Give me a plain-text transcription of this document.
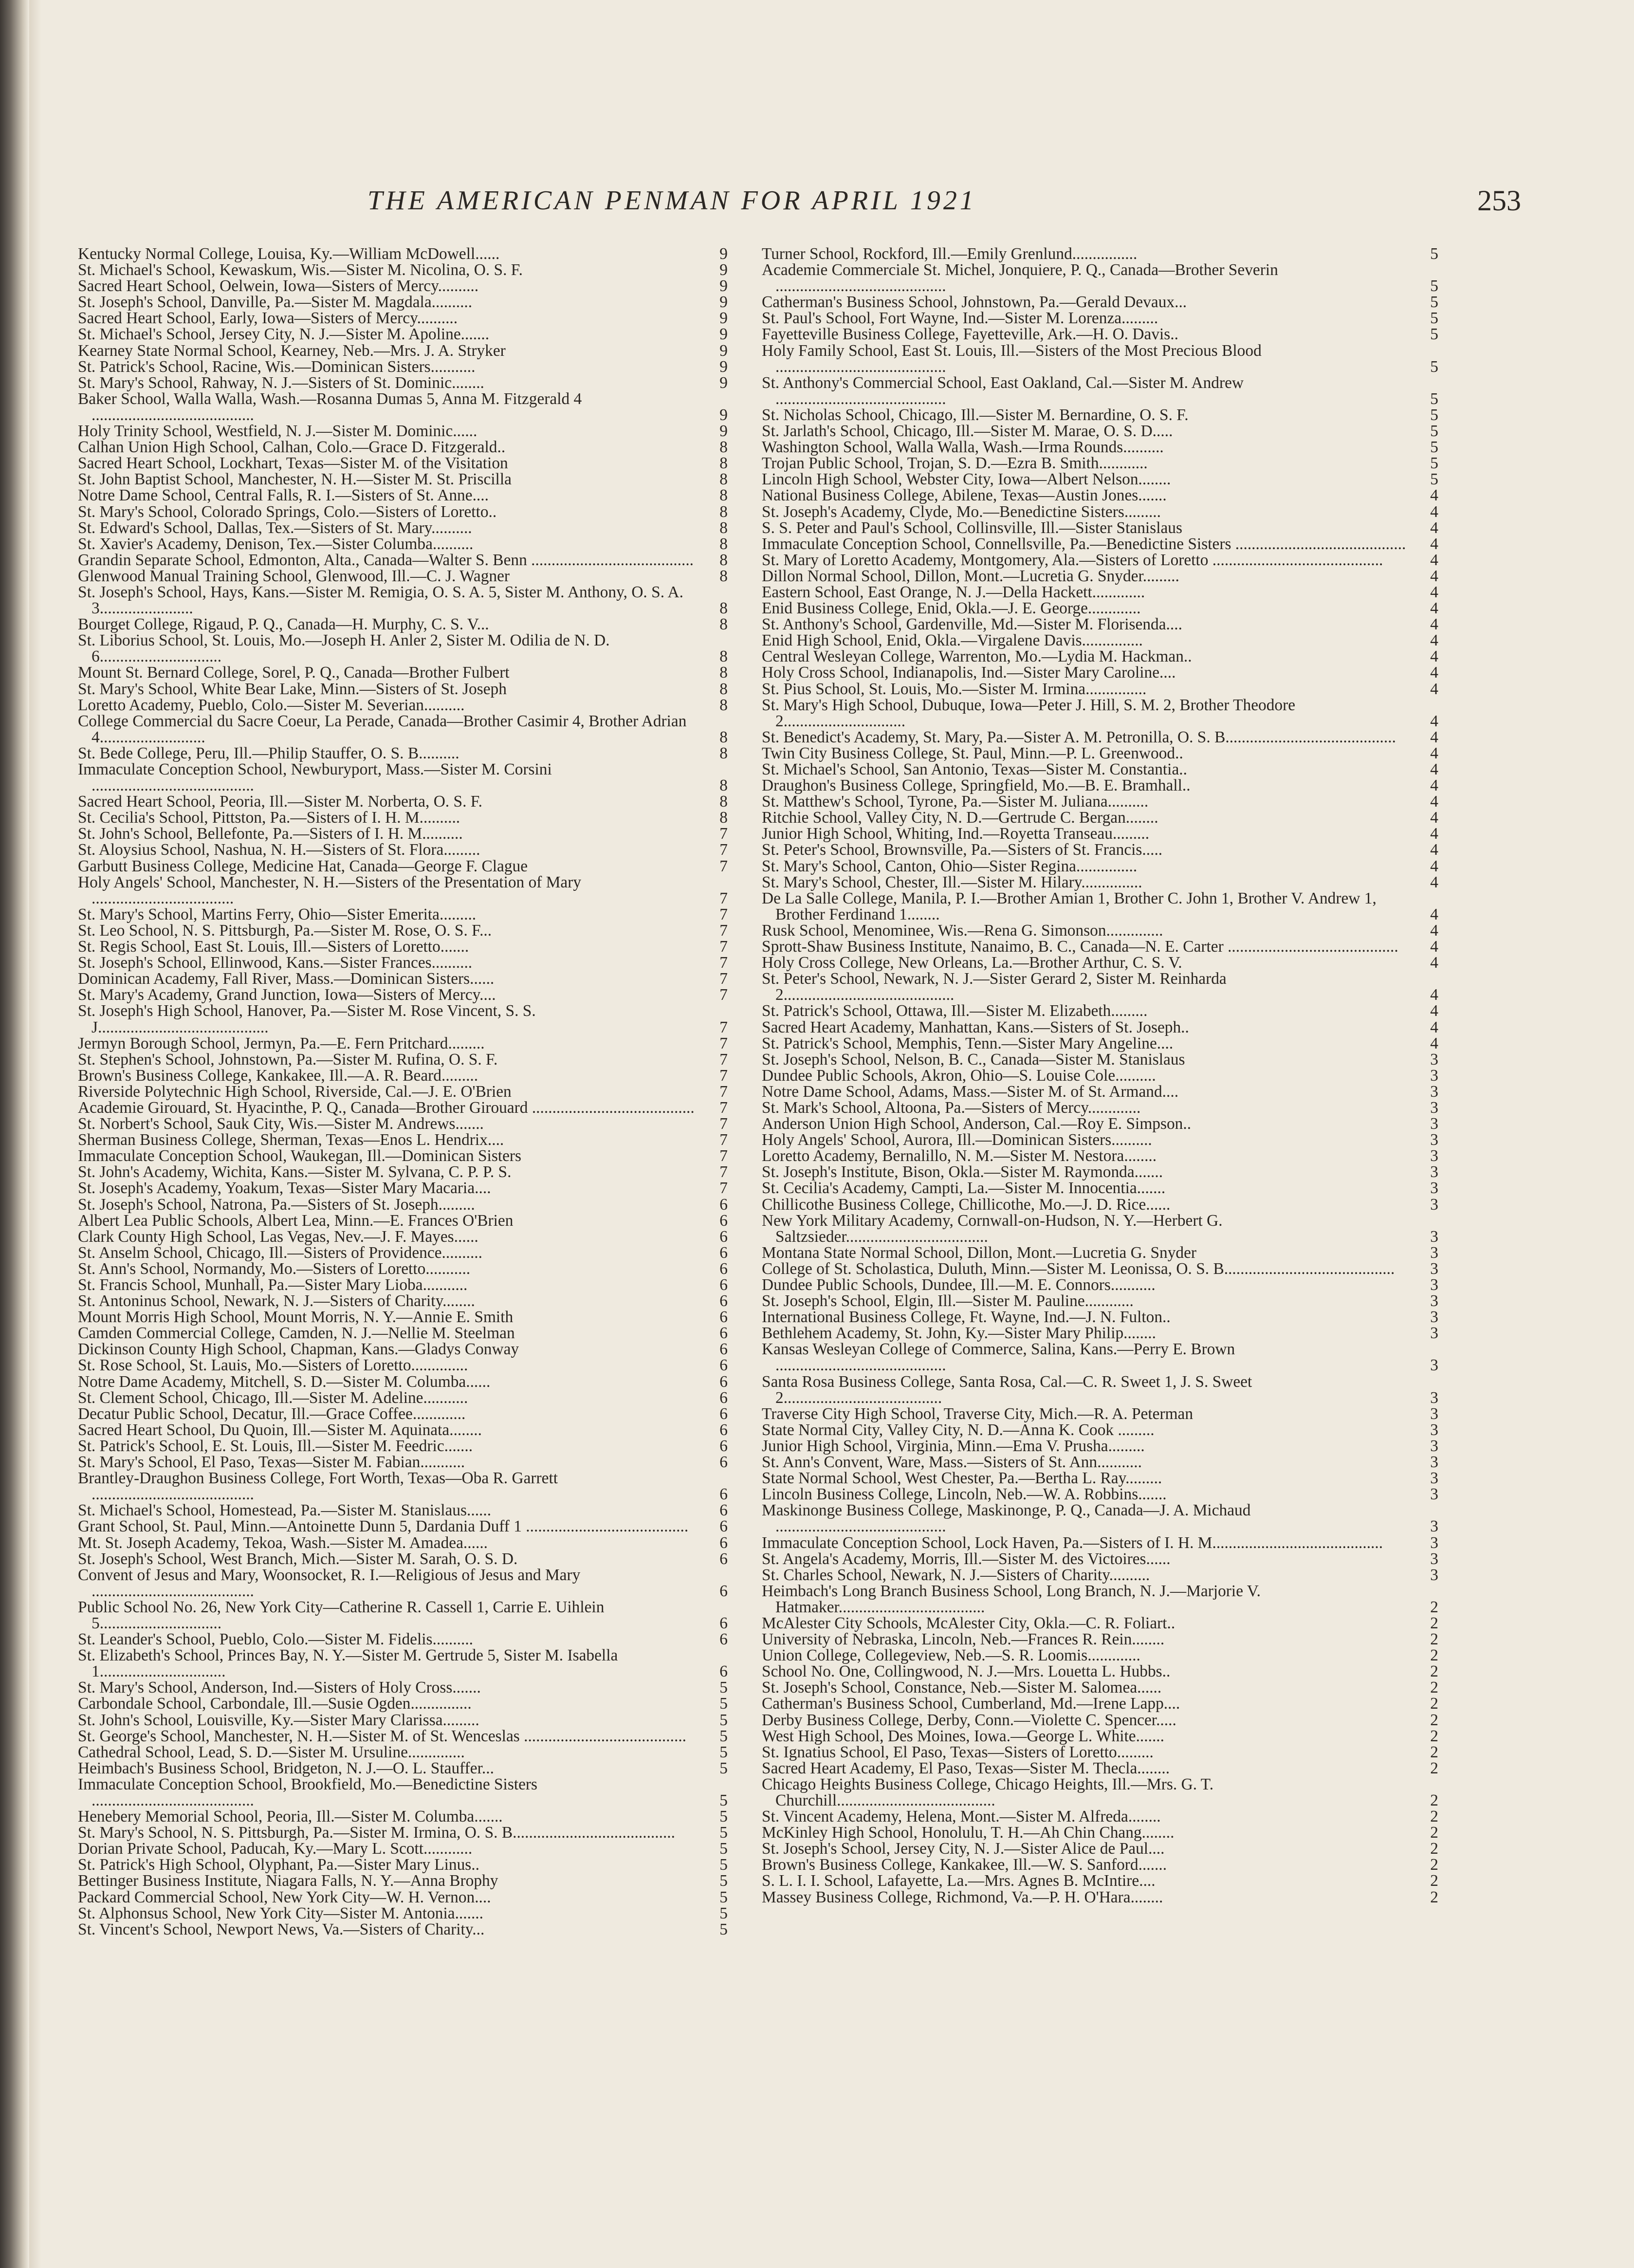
THE AMERICAN PENMAN FOR APRIL 1921	253
Kentucky Normal College, Louisa, Ky.—William McDowell......	9
St. Michael's School, Kewaskum, Wis.—Sister M. Nicolina, O. S. F.	9
Sacred Heart School, Oelwein, Iowa—Sisters of Mercy..........	9
St. Joseph's School, Danville, Pa.—Sister M. Magdala..........	9
Sacred Heart School, Early, Iowa—Sisters of Mercy..........	9
St. Michael's School, Jersey City, N. J.—Sister M. Apoline.......	9
Kearney State Normal School, Kearney, Neb.—Mrs. J. A. Stryker	9
St. Patrick's School, Racine, Wis.—Dominican Sisters...........	9
St. Mary's School, Rahway, N. J.—Sisters of St. Dominic........	9
Baker School, Walla Walla, Wash.—Rosanna Dumas 5, Anna M. Fitzgerald 4 ........................................	9
Holy Trinity School, Westfield, N. J.—Sister M. Dominic......	9
Calhan Union High School, Calhan, Colo.—Grace D. Fitzgerald..	8
Sacred Heart School, Lockhart, Texas—Sister M. of the Visitation	8
St. John Baptist School, Manchester, N. H.—Sister M. St. Priscilla	8
Notre Dame School, Central Falls, R. I.—Sisters of St. Anne....	8
St. Mary's School, Colorado Springs, Colo.—Sisters of Loretto..	8
St. Edward's School, Dallas, Tex.—Sisters of St. Mary..........	8
St. Xavier's Academy, Denison, Tex.—Sister Columba..........	8
Grandin Separate School, Edmonton, Alta., Canada—Walter S. Benn ........................................	8
Glenwood Manual Training School, Glenwood, Ill.—C. J. Wagner	8
St. Joseph's School, Hays, Kans.—Sister M. Remigia, O. S. A. 5, Sister M. Anthony, O. S. A. 3.......................	8
Bourget College, Rigaud, P. Q., Canada—H. Murphy, C. S. V...	8
St. Liborius School, St. Louis, Mo.—Joseph H. Anler 2, Sister M. Odilia de N. D. 6..............................	8
Mount St. Bernard College, Sorel, P. Q., Canada—Brother Fulbert	8
St. Mary's School, White Bear Lake, Minn.—Sisters of St. Joseph	8
Loretto Academy, Pueblo, Colo.—Sister M. Severian..........	8
College Commercial du Sacre Coeur, La Perade, Canada—Brother Casimir 4, Brother Adrian 4..........................	8
St. Bede College, Peru, Ill.—Philip Stauffer, O. S. B..........	8
Immaculate Conception School, Newburyport, Mass.—Sister M. Corsini ........................................	8
Sacred Heart School, Peoria, Ill.—Sister M. Norberta, O. S. F.	8
St. Cecilia's School, Pittston, Pa.—Sisters of I. H. M..........	8
St. John's School, Bellefonte, Pa.—Sisters of I. H. M..........	7
St. Aloysius School, Nashua, N. H.—Sisters of St. Flora.........	7
Garbutt Business College, Medicine Hat, Canada—George F. Clague	7
Holy Angels' School, Manchester, N. H.—Sisters of the Presentation of Mary ...................................	7
St. Mary's School, Martins Ferry, Ohio—Sister Emerita.........	7
St. Leo School, N. S. Pittsburgh, Pa.—Sister M. Rose, O. S. F...	7
St. Regis School, East St. Louis, Ill.—Sisters of Loretto.......	7
St. Joseph's School, Ellinwood, Kans.—Sister Frances..........	7
Dominican Academy, Fall River, Mass.—Dominican Sisters......	7
St. Mary's Academy, Grand Junction, Iowa—Sisters of Mercy....	7
St. Joseph's High School, Hanover, Pa.—Sister M. Rose Vincent, S. S. J..........................................	7
Jermyn Borough School, Jermyn, Pa.—E. Fern Pritchard.........	7
St. Stephen's School, Johnstown, Pa.—Sister M. Rufina, O. S. F.	7
Brown's Business College, Kankakee, Ill.—A. R. Beard.........	7
Riverside Polytechnic High School, Riverside, Cal.—J. E. O'Brien	7
Academie Girouard, St. Hyacinthe, P. Q., Canada—Brother Girouard ........................................	7
St. Norbert's School, Sauk City, Wis.—Sister M. Andrews.......	7
Sherman Business College, Sherman, Texas—Enos L. Hendrix....	7
Immaculate Conception School, Waukegan, Ill.—Dominican Sisters	7
St. John's Academy, Wichita, Kans.—Sister M. Sylvana, C. P. P. S.	7
St. Joseph's Academy, Yoakum, Texas—Sister Mary Macaria....	7
St. Joseph's School, Natrona, Pa.—Sisters of St. Joseph.........	6
Albert Lea Public Schools, Albert Lea, Minn.—E. Frances O'Brien	6
Clark County High School, Las Vegas, Nev.—J. F. Mayes......	6
St. Anselm School, Chicago, Ill.—Sisters of Providence..........	6
St. Ann's School, Normandy, Mo.—Sisters of Loretto...........	6
St. Francis School, Munhall, Pa.—Sister Mary Lioba...........	6
St. Antoninus School, Newark, N. J.—Sisters of Charity........	6
Mount Morris High School, Mount Morris, N. Y.—Annie E. Smith	6
Camden Commercial College, Camden, N. J.—Nellie M. Steelman	6
Dickinson County High School, Chapman, Kans.—Gladys Conway	6
St. Rose School, St. Lauis, Mo.—Sisters of Loretto..............	6
Notre Dame Academy, Mitchell, S. D.—Sister M. Columba......	6
St. Clement School, Chicago, Ill.—Sister M. Adeline...........	6
Decatur Public School, Decatur, Ill.—Grace Coffee.............	6
Sacred Heart School, Du Quoin, Ill.—Sister M. Aquinata........	6
St. Patrick's School, E. St. Louis, Ill.—Sister M. Feedric.......	6
St. Mary's School, El Paso, Texas—Sister M. Fabian...........	6
Brantley-Draughon Business College, Fort Worth, Texas—Oba R. Garrett ........................................	6
St. Michael's School, Homestead, Pa.—Sister M. Stanislaus......	6
Grant School, St. Paul, Minn.—Antoinette Dunn 5, Dardania Duff 1 ........................................	6
Mt. St. Joseph Academy, Tekoa, Wash.—Sister M. Amadea......	6
St. Joseph's School, West Branch, Mich.—Sister M. Sarah, O. S. D.	6
Convent of Jesus and Mary, Woonsocket, R. I.—Religious of Jesus and Mary ........................................	6
Public School No. 26, New York City—Catherine R. Cassell 1, Carrie E. Uihlein 5..............................	6
St. Leander's School, Pueblo, Colo.—Sister M. Fidelis..........	6
St. Elizabeth's School, Princes Bay, N. Y.—Sister M. Gertrude 5, Sister M. Isabella 1...............................	6
St. Mary's School, Anderson, Ind.—Sisters of Holy Cross.......	5
Carbondale School, Carbondale, Ill.—Susie Ogden...............	5
St. John's School, Louisville, Ky.—Sister Mary Clarissa.........	5
St. George's School, Manchester, N. H.—Sister M. of St. Wenceslas ........................................	5
Cathedral School, Lead, S. D.—Sister M. Ursuline..............	5
Heimbach's Business School, Bridgeton, N. J.—O. L. Stauffer...	5
Immaculate Conception School, Brookfield, Mo.—Benedictine Sisters ........................................	5
Henebery Memorial School, Peoria, Ill.—Sister M. Columba.......	5
St. Mary's School, N. S. Pittsburgh, Pa.—Sister M. Irmina, O. S. B........................................	5
Dorian Private School, Paducah, Ky.—Mary L. Scott............	5
St. Patrick's High School, Olyphant, Pa.—Sister Mary Linus..	5
Bettinger Business Institute, Niagara Falls, N. Y.—Anna Brophy	5
Packard Commercial School, New York City—W. H. Vernon....	5
St. Alphonsus School, New York City—Sister M. Antonia.......	5
St. Vincent's School, Newport News, Va.—Sisters of Charity...	5
Turner School, Rockford, Ill.—Emily Grenlund................	5
Academie Commerciale St. Michel, Jonquiere, P. Q., Canada—Brother Severin ..........................................	5
Catherman's Business School, Johnstown, Pa.—Gerald Devaux...	5
St. Paul's School, Fort Wayne, Ind.—Sister M. Lorenza.........	5
Fayetteville Business College, Fayetteville, Ark.—H. O. Davis..	5
Holy Family School, East St. Louis, Ill.—Sisters of the Most Precious Blood ..........................................	5
St. Anthony's Commercial School, East Oakland, Cal.—Sister M. Andrew ..........................................	5
St. Nicholas School, Chicago, Ill.—Sister M. Bernardine, O. S. F.	5
St. Jarlath's School, Chicago, Ill.—Sister M. Marae, O. S. D.....	5
Washington School, Walla Walla, Wash.—Irma Rounds..........	5
Trojan Public School, Trojan, S. D.—Ezra B. Smith............	5
Lincoln High School, Webster City, Iowa—Albert Nelson........	5
National Business College, Abilene, Texas—Austin Jones.......	4
St. Joseph's Academy, Clyde, Mo.—Benedictine Sisters.........	4
S. S. Peter and Paul's School, Collinsville, Ill.—Sister Stanislaus	4
Immaculate Conception School, Connellsville, Pa.—Benedictine Sisters ..........................................	4
St. Mary of Loretto Academy, Montgomery, Ala.—Sisters of Loretto ..........................................	4
Dillon Normal School, Dillon, Mont.—Lucretia G. Snyder.........	4
Eastern School, East Orange, N. J.—Della Hackett.............	4
Enid Business College, Enid, Okla.—J. E. George.............	4
St. Anthony's School, Gardenville, Md.—Sister M. Florisenda....	4
Enid High School, Enid, Okla.—Virgalene Davis...............	4
Central Wesleyan College, Warrenton, Mo.—Lydia M. Hackman..	4
Holy Cross School, Indianapolis, Ind.—Sister Mary Caroline....	4
St. Pius School, St. Louis, Mo.—Sister M. Irmina...............	4
St. Mary's High School, Dubuque, Iowa—Peter J. Hill, S. M. 2, Brother Theodore 2..............................	4
St. Benedict's Academy, St. Mary, Pa.—Sister A. M. Petronilla, O. S. B..........................................	4
Twin City Business College, St. Paul, Minn.—P. L. Greenwood..	4
St. Michael's School, San Antonio, Texas—Sister M. Constantia..	4
Draughon's Business College, Springfield, Mo.—B. E. Bramhall..	4
St. Matthew's School, Tyrone, Pa.—Sister M. Juliana..........	4
Ritchie School, Valley City, N. D.—Gertrude C. Bergan........	4
Junior High School, Whiting, Ind.—Royetta Transeau.........	4
St. Peter's School, Brownsville, Pa.—Sisters of St. Francis.....	4
St. Mary's School, Canton, Ohio—Sister Regina...............	4
St. Mary's School, Chester, Ill.—Sister M. Hilary...............	4
De La Salle College, Manila, P. I.—Brother Amian 1, Brother C. John 1, Brother V. Andrew 1, Brother Ferdinand 1........	4
Rusk School, Menominee, Wis.—Rena G. Simonson..............	4
Sprott-Shaw Business Institute, Nanaimo, B. C., Canada—N. E. Carter ..........................................	4
Holy Cross College, New Orleans, La.—Brother Arthur, C. S. V.	4
St. Peter's School, Newark, N. J.—Sister Gerard 2, Sister M. Reinharda 2..........................................	4
St. Patrick's School, Ottawa, Ill.—Sister M. Elizabeth.........	4
Sacred Heart Academy, Manhattan, Kans.—Sisters of St. Joseph..	4
St. Patrick's School, Memphis, Tenn.—Sister Mary Angeline....	4
St. Joseph's School, Nelson, B. C., Canada—Sister M. Stanislaus	3
Dundee Public Schools, Akron, Ohio—S. Louise Cole..........	3
Notre Dame School, Adams, Mass.—Sister M. of St. Armand....	3
St. Mark's School, Altoona, Pa.—Sisters of Mercy.............	3
Anderson Union High School, Anderson, Cal.—Roy E. Simpson..	3
Holy Angels' School, Aurora, Ill.—Dominican Sisters..........	3
Loretto Academy, Bernalillo, N. M.—Sister M. Nestora........	3
St. Joseph's Institute, Bison, Okla.—Sister M. Raymonda.......	3
St. Cecilia's Academy, Campti, La.—Sister M. Innocentia.......	3
Chillicothe Business College, Chillicothe, Mo.—J. D. Rice......	3
New York Military Academy, Cornwall-on-Hudson, N. Y.—Herbert G. Saltzsieder...................................	3
Montana State Normal School, Dillon, Mont.—Lucretia G. Snyder	3
College of St. Scholastica, Duluth, Minn.—Sister M. Leonissa, O. S. B..........................................	3
Dundee Public Schools, Dundee, Ill.—M. E. Connors...........	3
St. Joseph's School, Elgin, Ill.—Sister M. Pauline............	3
International Business College, Ft. Wayne, Ind.—J. N. Fulton..	3
Bethlehem Academy, St. John, Ky.—Sister Mary Philip........	3
Kansas Wesleyan College of Commerce, Salina, Kans.—Perry E. Brown ..........................................	3
Santa Rosa Business College, Santa Rosa, Cal.—C. R. Sweet 1, J. S. Sweet 2.......................................	3
Traverse City High School, Traverse City, Mich.—R. A. Peterman	3
State Normal City, Valley City, N. D.—Anna K. Cook .........	3
Junior High School, Virginia, Minn.—Ema V. Prusha.........	3
St. Ann's Convent, Ware, Mass.—Sisters of St. Ann...........	3
State Normal School, West Chester, Pa.—Bertha L. Ray.........	3
Lincoln Business College, Lincoln, Neb.—W. A. Robbins.......	3
Maskinonge Business College, Maskinonge, P. Q., Canada—J. A. Michaud ..........................................	3
Immaculate Conception School, Lock Haven, Pa.—Sisters of I. H. M..........................................	3
St. Angela's Academy, Morris, Ill.—Sister M. des Victoires......	3
St. Charles School, Newark, N. J.—Sisters of Charity..........	3
Heimbach's Long Branch Business School, Long Branch, N. J.—Marjorie V. Hatmaker....................................	2
McAlester City Schools, McAlester City, Okla.—C. R. Foliart..	2
University of Nebraska, Lincoln, Neb.—Frances R. Rein........	2
Union College, Collegeview, Neb.—S. R. Loomis.............	2
School No. One, Collingwood, N. J.—Mrs. Louetta L. Hubbs..	2
St. Joseph's School, Constance, Neb.—Sister M. Salomea......	2
Catherman's Business School, Cumberland, Md.—Irene Lapp....	2
Derby Business College, Derby, Conn.—Violette C. Spencer.....	2
West High School, Des Moines, Iowa.—George L. White.......	2
St. Ignatius School, El Paso, Texas—Sisters of Loretto.........	2
Sacred Heart Academy, El Paso, Texas—Sister M. Thecla........	2
Chicago Heights Business College, Chicago Heights, Ill.—Mrs. G. T. Churchill.......................................	2
St. Vincent Academy, Helena, Mont.—Sister M. Alfreda........	2
McKinley High School, Honolulu, T. H.—Ah Chin Chang........	2
St. Joseph's School, Jersey City, N. J.—Sister Alice de Paul....	2
Brown's Business College, Kankakee, Ill.—W. S. Sanford.......	2
S. L. I. I. School, Lafayette, La.—Mrs. Agnes B. McIntire....	2
Massey Business College, Richmond, Va.—P. H. O'Hara........	2
